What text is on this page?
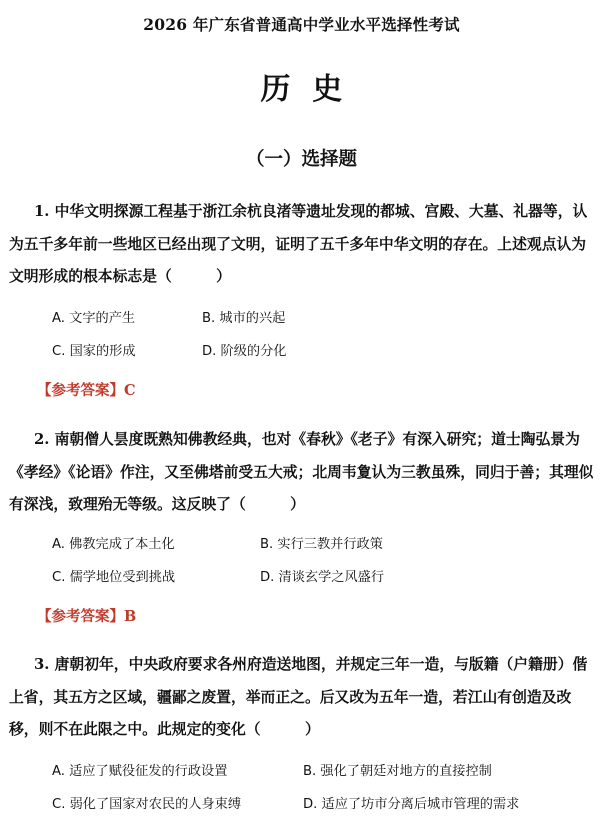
2026 年广东省普通高中学业水平选择性考试
历  史
（一）选择题

1. 中华文明探源工程基于浙江余杭良渚等遗址发现的都城、宫殿、大墓、礼器等，认为五千多年前一些地区已经出现了文明，证明了五千多年中华文明的存在。上述观点认为文明形成的根本标志是（　　　）

A. 文字的产生	B. 城市的兴起
C. 国家的形成	D. 阶级的分化
【参考答案】C

2. 南朝僧人昙度既熟知佛教经典，也对《春秋》《老子》有深入研究；道士陶弘景为《孝经》《论语》作注，又至佛塔前受五大戒；北周韦夐认为三教虽殊，同归于善；其理似有深浅，致理殆无等级。这反映了（　　　）

A. 佛教完成了本土化	B. 实行三教并行政策
C. 儒学地位受到挑战	D. 清谈玄学之风盛行
【参考答案】B

3. 唐朝初年，中央政府要求各州府造送地图，并规定三年一造，与版籍（户籍册）偕上省，其五方之区域，疆鄙之废置，举而正之。后又改为五年一造，若江山有创造及改移，则不在此限之中。此规定的变化（　　　）

A. 适应了赋役征发的行政设置	B. 强化了朝廷对地方的直接控制
C. 弱化了国家对农民的人身束缚	D. 适应了坊市分离后城市管理的需求
